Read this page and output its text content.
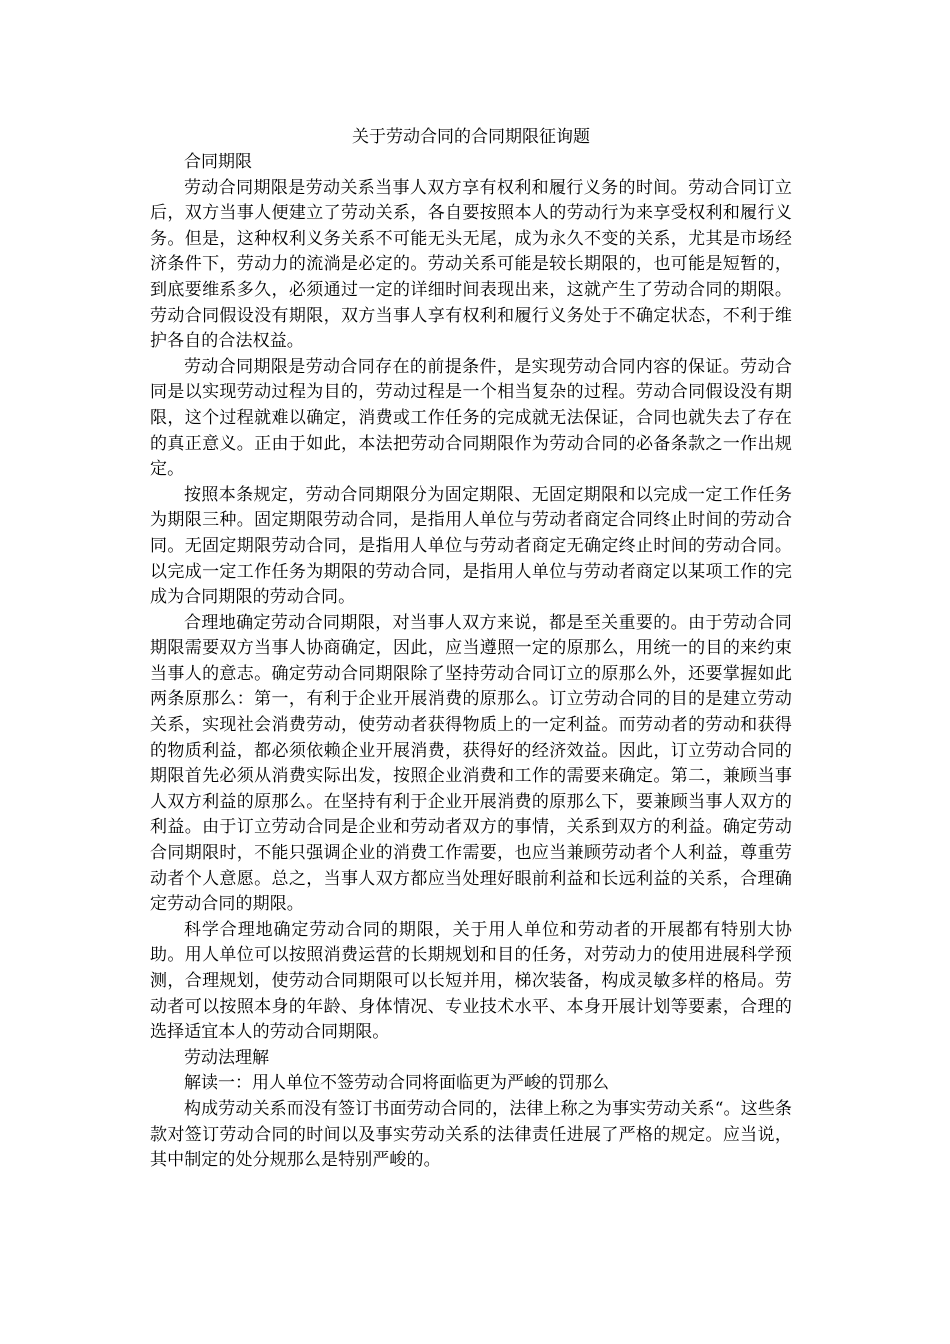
关于劳动合同的合同期限征询题

合同期限

劳动合同期限是劳动关系当事人双方享有权利和履行义务的时间。劳动合同订立后，双方当事人便建立了劳动关系，各自要按照本人的劳动行为来享受权利和履行义务。但是，这种权利义务关系不可能无头无尾，成为永久不变的关系，尤其是市场经济条件下，劳动力的流淌是必定的。劳动关系可能是较长期限的，也可能是短暂的，到底要维系多久，必须通过一定的详细时间表现出来，这就产生了劳动合同的期限。劳动合同假设没有期限，双方当事人享有权利和履行义务处于不确定状态，不利于维护各自的合法权益。

劳动合同期限是劳动合同存在的前提条件，是实现劳动合同内容的保证。劳动合同是以实现劳动过程为目的，劳动过程是一个相当复杂的过程。劳动合同假设没有期限，这个过程就难以确定，消费或工作任务的完成就无法保证，合同也就失去了存在的真正意义。正由于如此，本法把劳动合同期限作为劳动合同的必备条款之一作出规定。

按照本条规定，劳动合同期限分为固定期限、无固定期限和以完成一定工作任务为期限三种。固定期限劳动合同，是指用人单位与劳动者商定合同终止时间的劳动合同。无固定期限劳动合同，是指用人单位与劳动者商定无确定终止时间的劳动合同。以完成一定工作任务为期限的劳动合同，是指用人单位与劳动者商定以某项工作的完成为合同期限的劳动合同。

合理地确定劳动合同期限，对当事人双方来说，都是至关重要的。由于劳动合同期限需要双方当事人协商确定，因此，应当遵照一定的原那么，用统一的目的来约束当事人的意志。确定劳动合同期限除了坚持劳动合同订立的原那么外，还要掌握如此两条原那么：第一，有利于企业开展消费的原那么。订立劳动合同的目的是建立劳动关系，实现社会消费劳动，使劳动者获得物质上的一定利益。而劳动者的劳动和获得的物质利益，都必须依赖企业开展消费，获得好的经济效益。因此，订立劳动合同的期限首先必须从消费实际出发，按照企业消费和工作的需要来确定。第二，兼顾当事人双方利益的原那么。在坚持有利于企业开展消费的原那么下，要兼顾当事人双方的利益。由于订立劳动合同是企业和劳动者双方的事情，关系到双方的利益。确定劳动合同期限时，不能只强调企业的消费工作需要，也应当兼顾劳动者个人利益，尊重劳动者个人意愿。总之，当事人双方都应当处理好眼前利益和长远利益的关系，合理确定劳动合同的期限。

科学合理地确定劳动合同的期限，关于用人单位和劳动者的开展都有特别大协助。用人单位可以按照消费运营的长期规划和目的任务，对劳动力的使用进展科学预测，合理规划，使劳动合同期限可以长短并用，梯次装备，构成灵敏多样的格局。劳动者可以按照本身的年龄、身体情况、专业技术水平、本身开展计划等要素，合理的选择适宜本人的劳动合同期限。

劳动法理解

解读一：用人单位不签劳动合同将面临更为严峻的罚那么

构成劳动关系而没有签订书面劳动合同的，法律上称之为事实劳动关系“。这些条款对签订劳动合同的时间以及事实劳动关系的法律责任进展了严格的规定。应当说，其中制定的处分规那么是特别严峻的。
